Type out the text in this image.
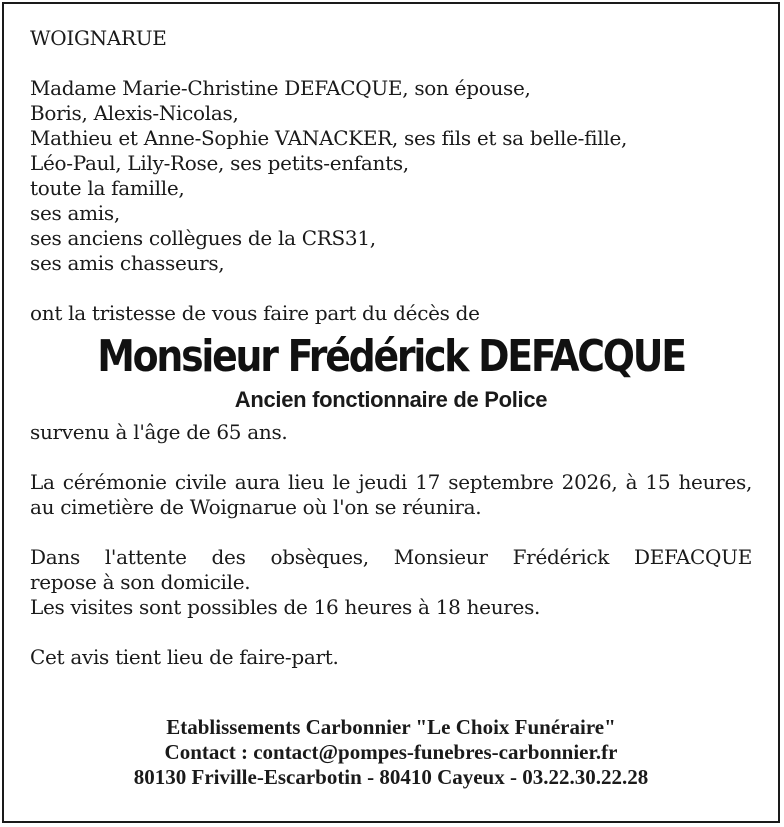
WOIGNARUE
Madame Marie-Christine DEFACQUE, son épouse,
Boris, Alexis-Nicolas,
Mathieu et Anne-Sophie VANACKER, ses fils et sa belle-fille,
Léo-Paul, Lily-Rose, ses petits-enfants,
toute la famille,
ses amis,
ses anciens collègues de la CRS31,
ses amis chasseurs,
ont la tristesse de vous faire part du décès de
Monsieur Frédérick DEFACQUE
Ancien fonctionnaire de Police
survenu à l'âge de 65 ans.
La cérémonie civile aura lieu le jeudi 17 septembre 2026, à 15 heures,
au cimetière de Woignarue où l'on se réunira.
Dans l'attente des obsèques, Monsieur Frédérick DEFACQUE
repose à son domicile.
Les visites sont possibles de 16 heures à 18 heures.
Cet avis tient lieu de faire-part.
Etablissements Carbonnier "Le Choix Funéraire"
Contact : contact@pompes-funebres-carbonnier.fr
80130 Friville-Escarbotin - 80410 Cayeux - 03.22.30.22.28
